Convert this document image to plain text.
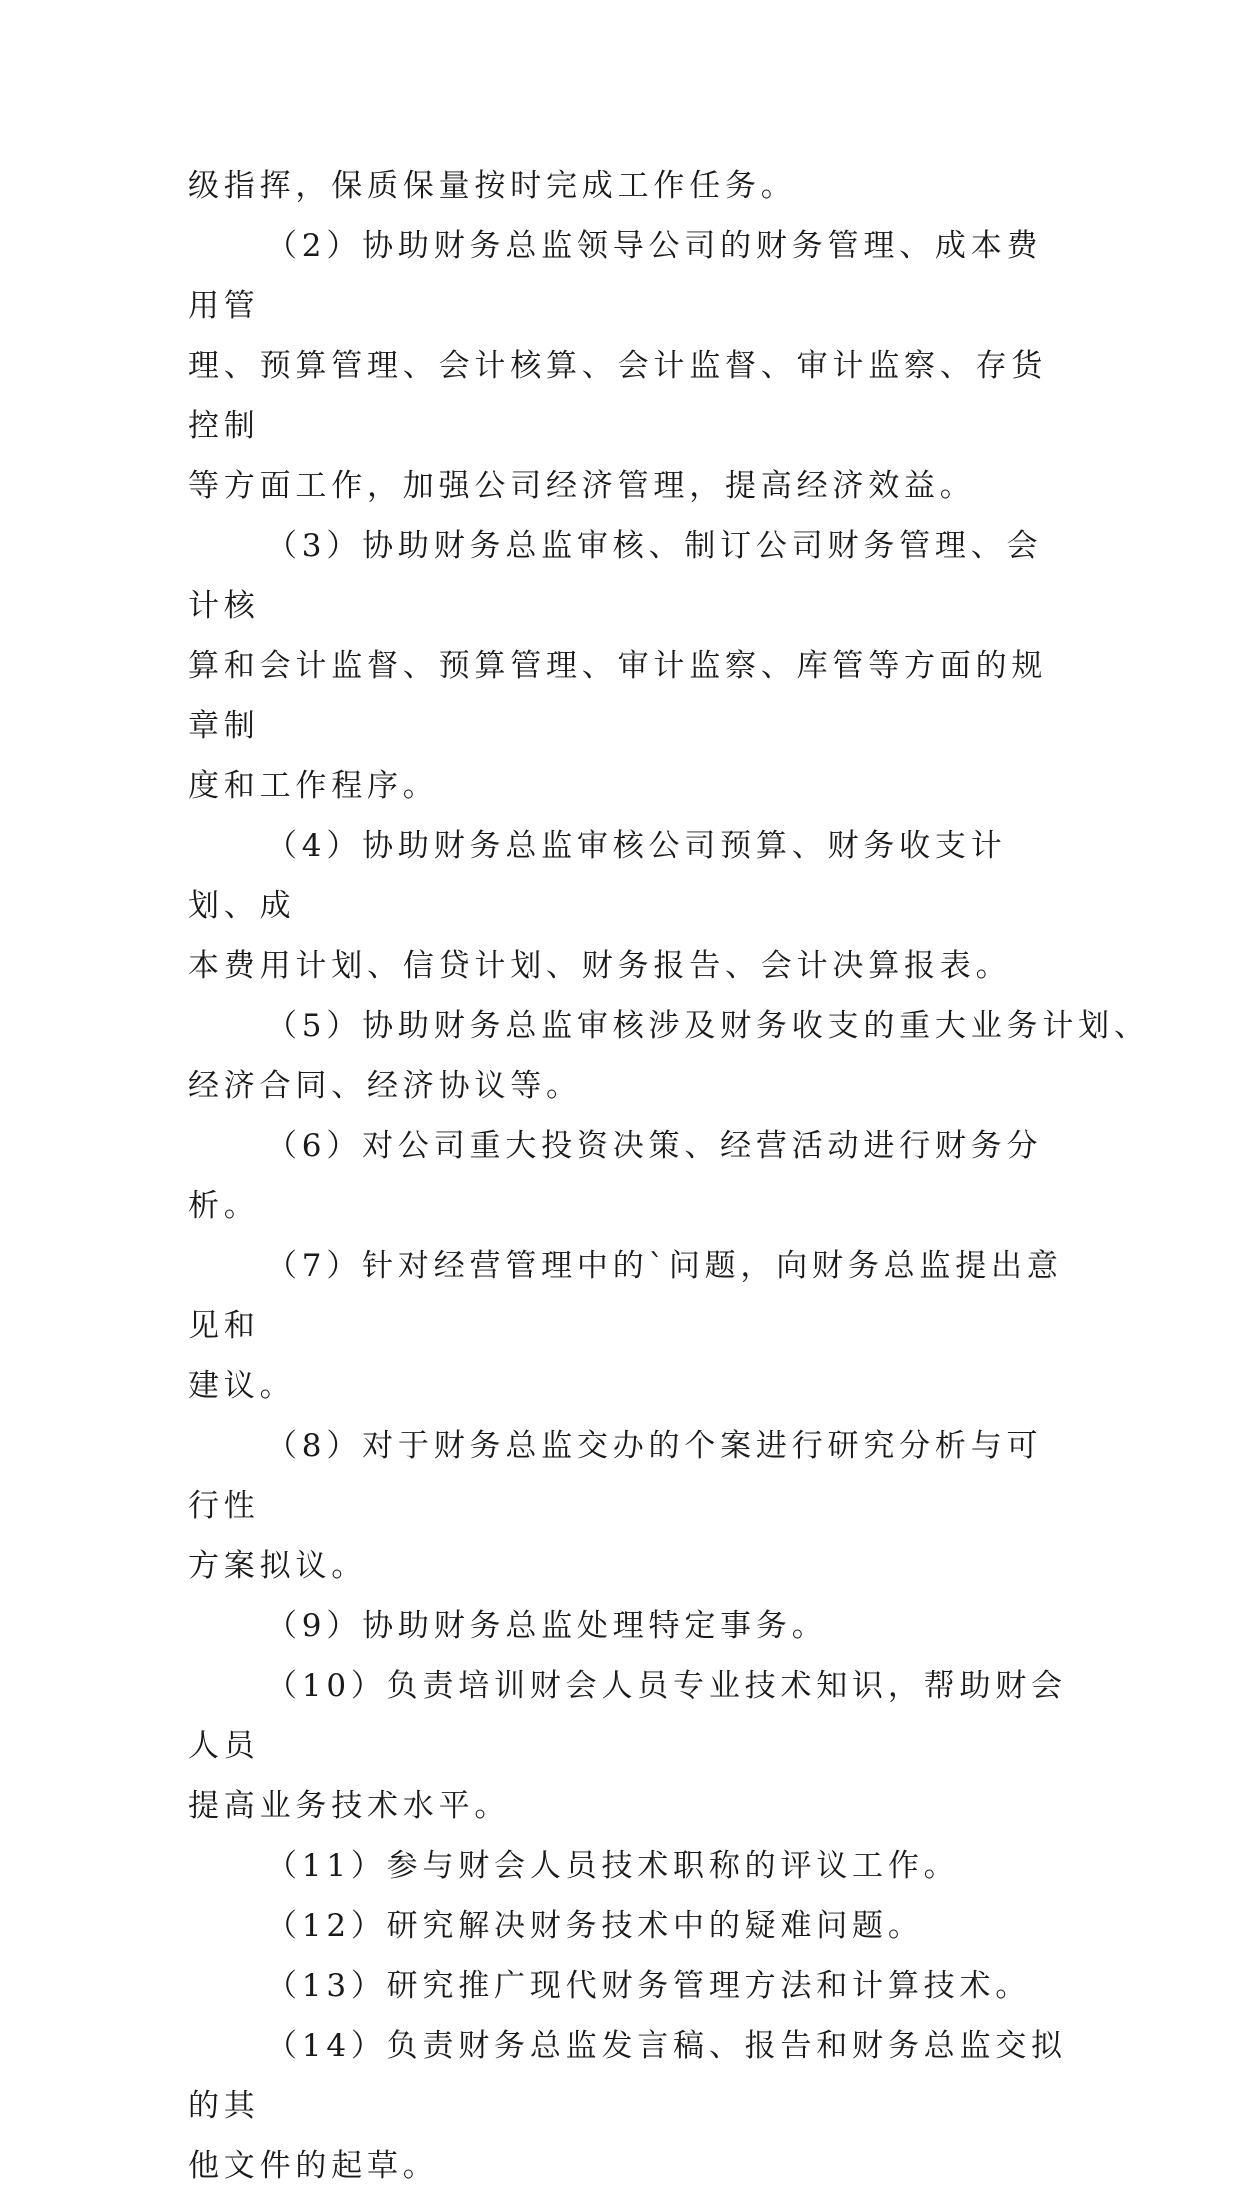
级指挥，保质保量按时完成工作任务。

（2）协助财务总监领导公司的财务管理、成本费用管
理、预算管理、会计核算、会计监督、审计监察、存货控制
等方面工作，加强公司经济管理，提高经济效益。

（3）协助财务总监审核、制订公司财务管理、会计核
算和会计监督、预算管理、审计监察、库管等方面的规章制
度和工作程序。

（4）协助财务总监审核公司预算、财务收支计划、成
本费用计划、信贷计划、财务报告、会计决算报表。

（5）协助财务总监审核涉及财务收支的重大业务计划、
经济合同、经济协议等。

（6）对公司重大投资决策、经营活动进行财务分析。

（7）针对经营管理中的`问题，向财务总监提出意见和
建议。

（8）对于财务总监交办的个案进行研究分析与可行性
方案拟议。

（9）协助财务总监处理特定事务。

（10）负责培训财会人员专业技术知识，帮助财会人员
提高业务技术水平。

（11）参与财会人员技术职称的评议工作。

（12）研究解决财务技术中的疑难问题。

（13）研究推广现代财务管理方法和计算技术。

（14）负责财务总监发言稿、报告和财务总监交拟的其
他文件的起草。
